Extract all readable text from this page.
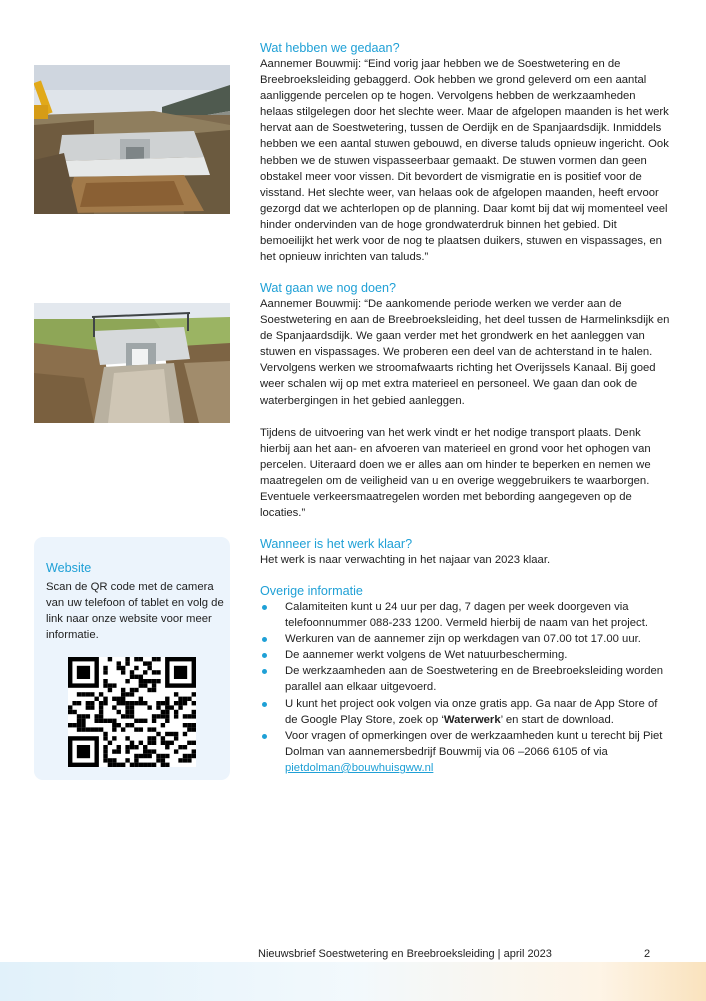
Wat hebben we gedaan?

Aannemer Bouwmij: “Eind vorig jaar hebben we de Soestwetering en de Breebroeksleiding gebaggerd. Ook hebben we grond geleverd om een aantal aanliggende percelen op te hogen. Vervolgens hebben de werkzaamheden helaas stilgelegen door het slechte weer. Maar de afgelopen maanden is het werk hervat aan de Soestwetering, tussen de Oerdijk en de Spanjaardsdijk. Inmiddels hebben we een aantal stuwen gebouwd, en diverse taluds opnieuw ingericht. Ook hebben we de stuwen vispasseerbaar gemaakt. De stuwen vormen dan geen obstakel meer voor vissen. Dit bevordert de vismigratie en is positief voor de visstand. Het slechte weer, van helaas ook de afgelopen maanden, heeft ervoor gezorgd dat we achterlopen op de planning. Daar komt bij dat wij momenteel veel hinder ondervinden van de hoge grondwaterdruk binnen het gebied. Dit bemoeilijkt het werk voor de nog te plaatsen duikers, stuwen en vispassages, en het opnieuw inrichten van taluds.”

Wat gaan we nog doen?

Aannemer Bouwmij: “De aankomende periode werken we verder aan de Soestwetering en aan de Breebroeksleiding, het deel tussen de Harmelinksdijk en de Spanjaardsdijk. We gaan verder met het grondwerk en het aanleggen van stuwen en vispassages. We proberen een deel van de achterstand in te halen. Vervolgens werken we stroomafwaarts richting het Overijssels Kanaal. Bij goed weer schalen wij op met extra materieel en personeel. We gaan dan ook de waterbergingen in het gebied aanleggen.

Tijdens de uitvoering van het werk vindt er het nodige transport plaats. Denk hierbij aan het aan- en afvoeren van materieel en grond voor het ophogen van percelen. Uiteraard doen we er alles aan om hinder te beperken en nemen we maatregelen om de veiligheid van u en overige weggebruikers te waarborgen. Eventuele verkeersmaatregelen worden met bebording aangegeven op de locaties.”

Wanneer is het werk klaar?

Het werk is naar verwachting in het najaar van 2023 klaar.

Overige informatie
Calamiteiten kunt u 24 uur per dag, 7 dagen per week doorgeven via telefoonnummer 088-233 1200. Vermeld hierbij de naam van het project.
Werkuren van de aannemer zijn op werkdagen van 07.00 tot 17.00 uur.
De aannemer werkt volgens de Wet natuurbescherming.
De werkzaamheden aan de Soestwetering en de Breebroeksleiding worden parallel aan elkaar uitgevoerd.
U kunt het project ook volgen via onze gratis app. Ga naar de App Store of de Google Play Store, zoek op ‘Waterwerk’ en start de download.
Voor vragen of opmerkingen over de werkzaamheden kunt u terecht bij Piet Dolman van aannemersbedrijf Bouwmij via 06 –2066 6105 of via pietdolman@bouwhuisgww.nl
Website
Scan de QR code met de camera van uw telefoon of tablet en volg de link naar onze website voor meer informatie.
Nieuwsbrief Soestwetering en Breebroeksleiding | april 2023	2
